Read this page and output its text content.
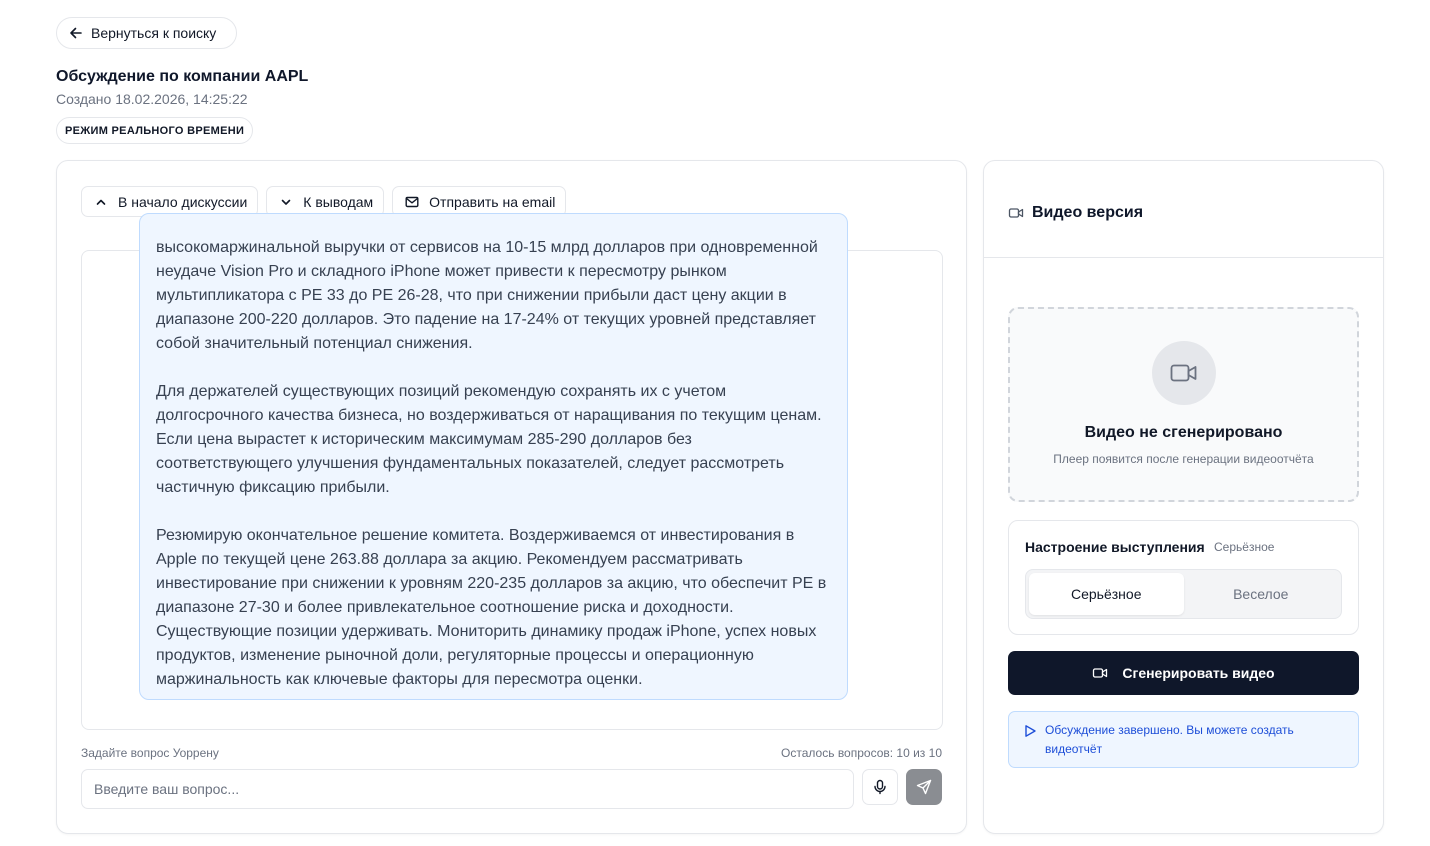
Вернуться к поиску
Обсуждение по компании AAPL
Создано 18.02.2026, 14:25:22
РЕЖИМ РЕАЛЬНОГО ВРЕМЕНИ
В начало дискуссии	К выводам	Отправить на email

высокомаржинальной выручки от сервисов на 10-15 млрд долларов при одновременной неудаче Vision Pro и складного iPhone может привести к пересмотру рынком мультипликатора с PE 33 до PE 26-28, что при снижении прибыли даст цену акции в диапазоне 200-220 долларов. Это падение на 17-24% от текущих уровней представляет собой значительный потенциал снижения.

Для держателей существующих позиций рекомендую сохранять их с учетом долгосрочного качества бизнеса, но воздерживаться от наращивания по текущим ценам. Если цена вырастет к историческим максимумам 285-290 долларов без соответствующего улучшения фундаментальных показателей, следует рассмотреть частичную фиксацию прибыли.

Резюмирую окончательное решение комитета. Воздерживаемся от инвестирования в Apple по текущей цене 263.88 доллара за акцию. Рекомендуем рассматривать инвестирование при снижении к уровням 220-235 долларов за акцию, что обеспечит PE в диапазоне 27-30 и более привлекательное соотношение риска и доходности. Существующие позиции удерживать. Мониторить динамику продаж iPhone, успех новых продуктов, изменение рыночной доли, регуляторные процессы и операционную маржинальность как ключевые факторы для пересмотра оценки.

Задайте вопрос Уоррену	Осталось вопросов: 10 из 10
Введите ваш вопрос...
Видео версия
Видео не сгенерировано
Плеер появится после генерации видеоотчёта
Настроение выступления Серьёзное
Серьёзное	Веселое
Сгенерировать видео
Обсуждение завершено. Вы можете создать видеотчёт
